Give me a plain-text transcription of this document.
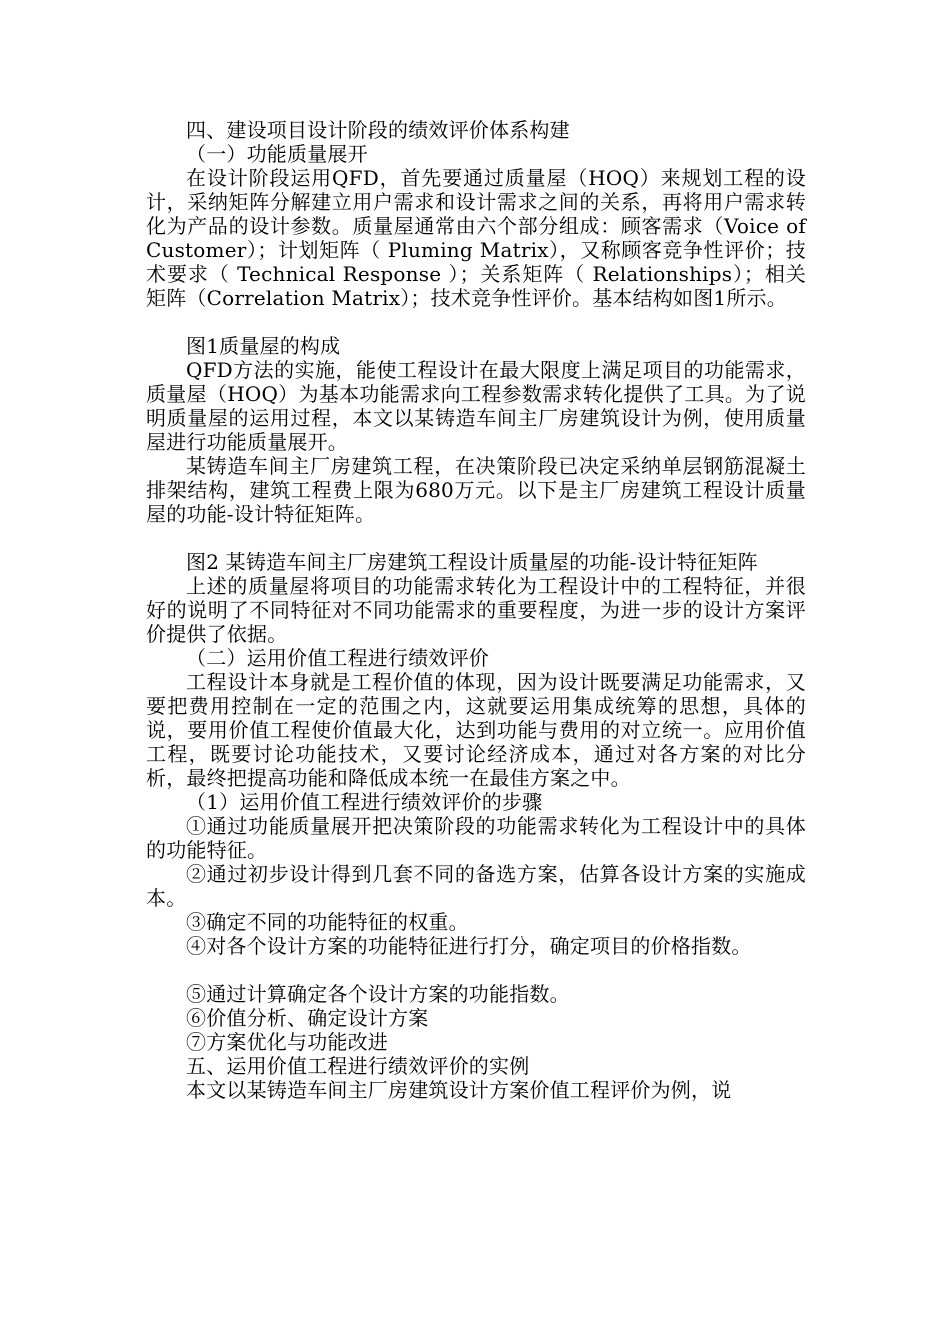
四、建设项目设计阶段的绩效评价体系构建

（一）功能质量展开

在设计阶段运用QFD，首先要通过质量屋（HOQ）来规划工程的设计，采纳矩阵分解建立用户需求和设计需求之间的关系，再将用户需求转化为产品的设计参数。质量屋通常由六个部分组成：顾客需求（Voice of Customer）；计划矩阵（ Pluming Matrix），又称顾客竞争性评价；技术要求（ Technical Response ）；关系矩阵（ Relationships）；相关矩阵（Correlation Matrix）；技术竞争性评价。基本结构如图1所示。

图1质量屋的构成

QFD方法的实施，能使工程设计在最大限度上满足项目的功能需求，质量屋（HOQ）为基本功能需求向工程参数需求转化提供了工具。为了说明质量屋的运用过程，本文以某铸造车间主厂房建筑设计为例，使用质量屋进行功能质量展开。

某铸造车间主厂房建筑工程，在决策阶段已决定采纳单层钢筋混凝土排架结构，建筑工程费上限为680万元。以下是主厂房建筑工程设计质量屋的功能-设计特征矩阵。

图2 某铸造车间主厂房建筑工程设计质量屋的功能-设计特征矩阵

上述的质量屋将项目的功能需求转化为工程设计中的工程特征，并很好的说明了不同特征对不同功能需求的重要程度，为进一步的设计方案评价提供了依据。

（二）运用价值工程进行绩效评价

工程设计本身就是工程价值的体现，因为设计既要满足功能需求，又要把费用控制在一定的范围之内，这就要运用集成统筹的思想，具体的说，要用价值工程使价值最大化，达到功能与费用的对立统一。应用价值工程，既要讨论功能技术，又要讨论经济成本，通过对各方案的对比分析，最终把提高功能和降低成本统一在最佳方案之中。

（1）运用价值工程进行绩效评价的步骤

①通过功能质量展开把决策阶段的功能需求转化为工程设计中的具体的功能特征。

②通过初步设计得到几套不同的备选方案，估算各设计方案的实施成本。

③确定不同的功能特征的权重。

④对各个设计方案的功能特征进行打分，确定项目的价格指数。

⑤通过计算确定各个设计方案的功能指数。

⑥价值分析、确定设计方案

⑦方案优化与功能改进

五、运用价值工程进行绩效评价的实例

本文以某铸造车间主厂房建筑设计方案价值工程评价为例，说
